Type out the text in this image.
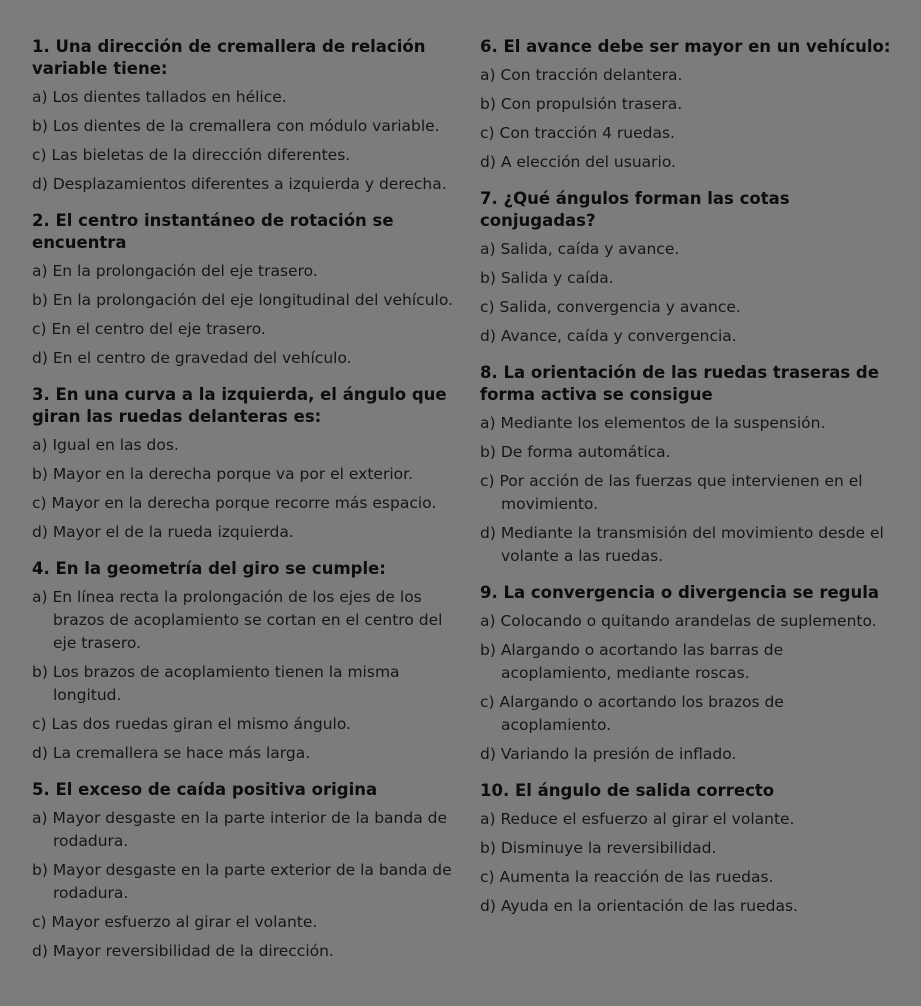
1. Una dirección de cremallera de relación variable tiene:

a) Los dientes tallados en hélice.
b) Los dientes de la cremallera con módulo variable.
c) Las bieletas de la dirección diferentes.
d) Desplazamientos diferentes a izquierda y derecha.

2. El centro instantáneo de rotación se encuentra

a) En la prolongación del eje trasero.
b) En la prolongación del eje longitudinal del vehículo.
c) En el centro del eje trasero.
d) En el centro de gravedad del vehículo.

3. En una curva a la izquierda, el ángulo que giran las ruedas delanteras es:

a) Igual en las dos.
b) Mayor en la derecha porque va por el exterior.
c) Mayor en la derecha porque recorre más espacio.
d) Mayor el de la rueda izquierda.

4. En la geometría del giro se cumple:

a) En línea recta la prolongación de los ejes de los brazos de acoplamiento se cortan en el centro del eje trasero.
b) Los brazos de acoplamiento tienen la misma longitud.
c) Las dos ruedas giran el mismo ángulo.
d) La cremallera se hace más larga.

5. El exceso de caída positiva origina

a) Mayor desgaste en la parte interior de la banda de rodadura.
b) Mayor desgaste en la parte exterior de la banda de rodadura.
c) Mayor esfuerzo al girar el volante.
d) Mayor reversibilidad de la dirección.

6. El avance debe ser mayor en un vehículo:

a) Con tracción delantera.
b) Con propulsión trasera.
c) Con tracción 4 ruedas.
d) A elección del usuario.

7. ¿Qué ángulos forman las cotas conjugadas?

a) Salida, caída y avance.
b) Salida y caída.
c) Salida, convergencia y avance.
d) Avance, caída y convergencia.

8. La orientación de las ruedas traseras de forma activa se consigue

a) Mediante los elementos de la suspensión.
b) De forma automática.
c) Por acción de las fuerzas que intervienen en el movimiento.
d) Mediante la transmisión del movimiento desde el volante a las ruedas.

9. La convergencia o divergencia se regula

a) Colocando o quitando arandelas de suplemento.
b) Alargando o acortando las barras de acoplamiento, mediante roscas.
c) Alargando o acortando los brazos de acoplamiento.
d) Variando la presión de inflado.

10. El ángulo de salida correcto

a) Reduce el esfuerzo al girar el volante.
b) Disminuye la reversibilidad.
c) Aumenta la reacción de las ruedas.
d) Ayuda en la orientación de las ruedas.
